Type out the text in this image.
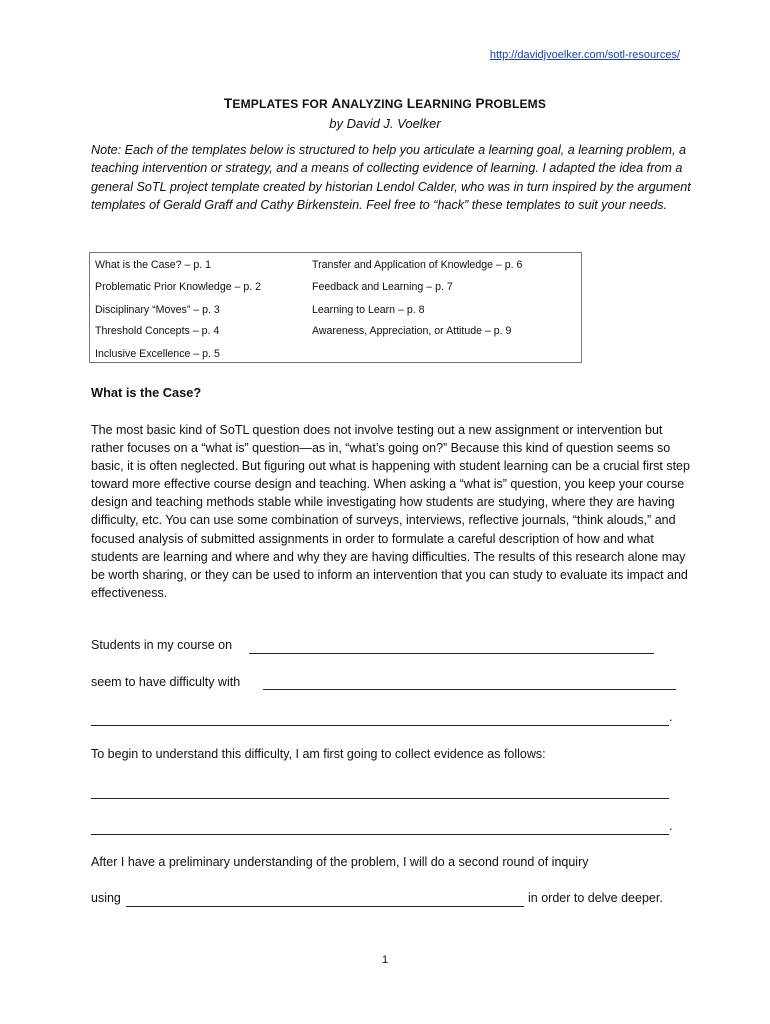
http://davidjvoelker.com/sotl-resources/
TEMPLATES FOR ANALYZING LEARNING PROBLEMS
by David J. Voelker
Note: Each of the templates below is structured to help you articulate a learning goal, a learning problem, a teaching intervention or strategy, and a means of collecting evidence of learning. I adapted the idea from a general SoTL project template created by historian Lendol Calder, who was in turn inspired by the argument templates of Gerald Graff and Cathy Birkenstein. Feel free to “hack” these templates to suit your needs.
What is the Case? – p. 1
Problematic Prior Knowledge – p. 2
Disciplinary “Moves” – p. 3
Threshold Concepts – p. 4
Inclusive Excellence – p. 5
Transfer and Application of Knowledge – p. 6
Feedback and Learning – p. 7
Learning to Learn – p. 8
Awareness, Appreciation, or Attitude – p. 9
What is the Case?
The most basic kind of SoTL question does not involve testing out a new assignment or intervention but rather focuses on a “what is” question—as in, “what’s going on?” Because this kind of question seems so basic, it is often neglected. But figuring out what is happening with student learning can be a crucial first step toward more effective course design and teaching. When asking a “what is” question, you keep your course design and teaching methods stable while investigating how students are studying, where they are having difficulty, etc. You can use some combination of surveys, interviews, reflective journals, “think alouds,” and focused analysis of submitted assignments in order to formulate a careful description of how and what students are learning and where and why they are having difficulties. The results of this research alone may be worth sharing, or they can be used to inform an intervention that you can study to evaluate its impact and effectiveness.
Students in my course on
seem to have difficulty with
.
To begin to understand this difficulty, I am first going to collect evidence as follows:
.
After I have a preliminary understanding of the problem, I will do a second round of inquiry
using	in order to delve deeper.
1
